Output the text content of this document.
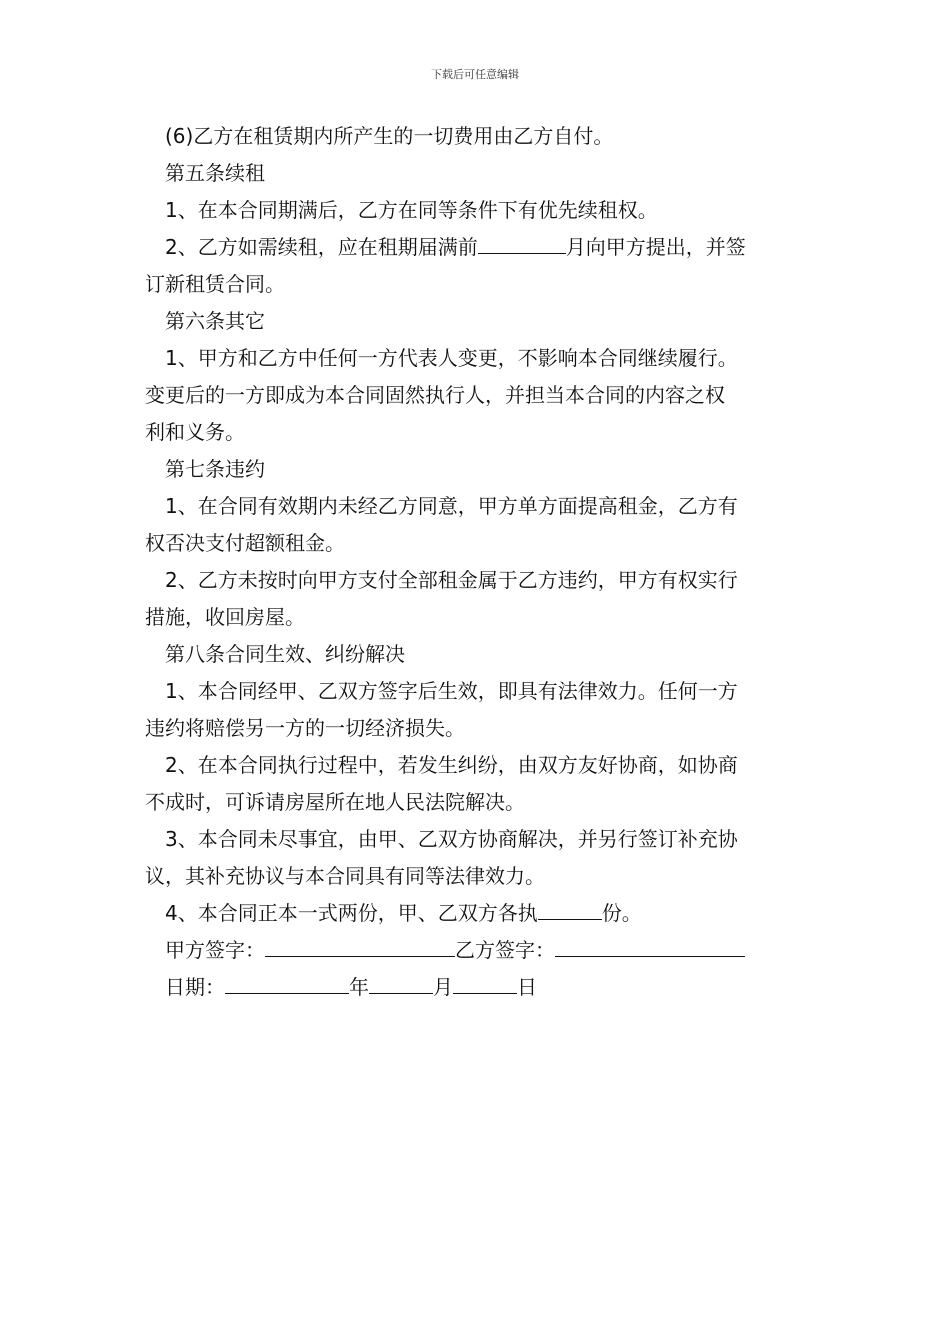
下载后可任意编辑
(6)乙方在租赁期内所产生的一切费用由乙方自付。
第五条续租
1、在本合同期满后，乙方在同等条件下有优先续租权。
2、乙方如需续租，应在租期届满前	月向甲方提出，并签
订新租赁合同。
第六条其它
1、甲方和乙方中任何一方代表人变更，不影响本合同继续履行。
变更后的一方即成为本合同固然执行人，并担当本合同的内容之权
利和义务。
第七条违约
1、在合同有效期内未经乙方同意，甲方单方面提高租金，乙方有
权否决支付超额租金。
2、乙方未按时向甲方支付全部租金属于乙方违约，甲方有权实行
措施，收回房屋。
第八条合同生效、纠纷解决
1、本合同经甲、乙双方签字后生效，即具有法律效力。任何一方
违约将赔偿另一方的一切经济损失。
2、在本合同执行过程中，若发生纠纷，由双方友好协商，如协商
不成时，可诉请房屋所在地人民法院解决。
3、本合同未尽事宜，由甲、乙双方协商解决，并另行签订补充协
议，其补充协议与本合同具有同等法律效力。
4、本合同正本一式两份，甲、乙双方各执	份。
甲方签字：	乙方签字：
日期：	年	月	日
